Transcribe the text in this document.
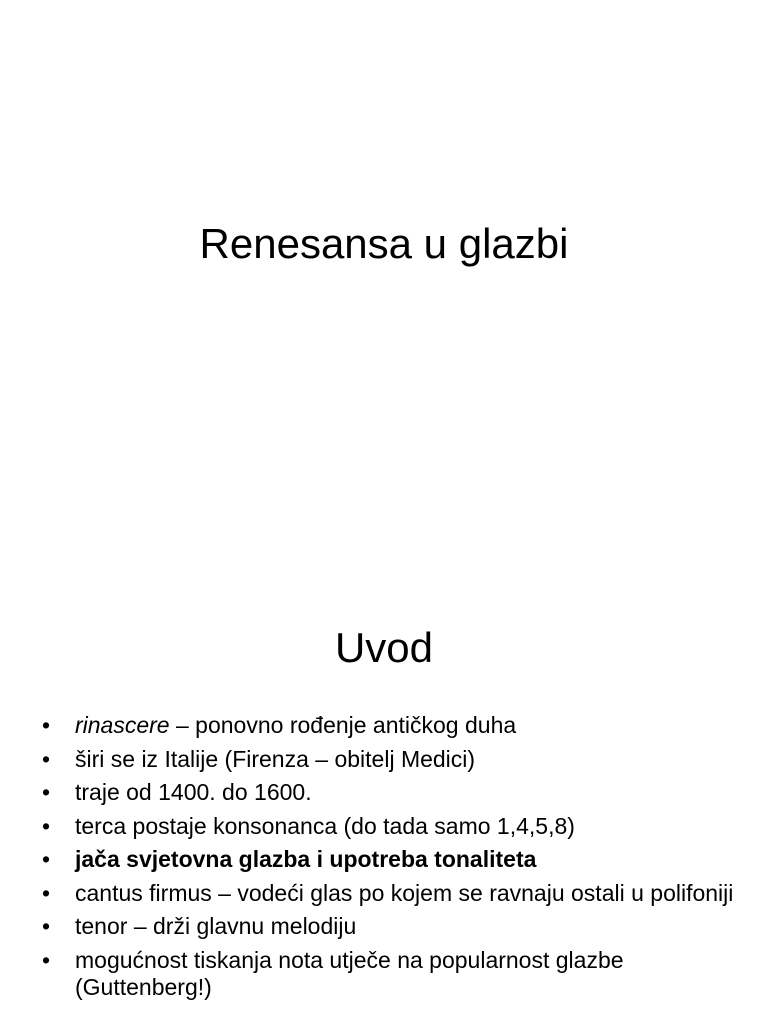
Renesansa u glazbi
Uvod
• rinascere – ponovno rođenje antičkog duha
• širi se iz Italije (Firenza – obitelj Medici)
• traje od 1400. do 1600.
• terca postaje konsonanca (do tada samo 1,4,5,8)
• jača svjetovna glazba i upotreba tonaliteta
• cantus firmus – vodeći glas po kojem se ravnaju ostali u polifoniji
• tenor – drži glavnu melodiju
• mogućnost tiskanja nota utječe na popularnost glazbe (Guttenberg!)
